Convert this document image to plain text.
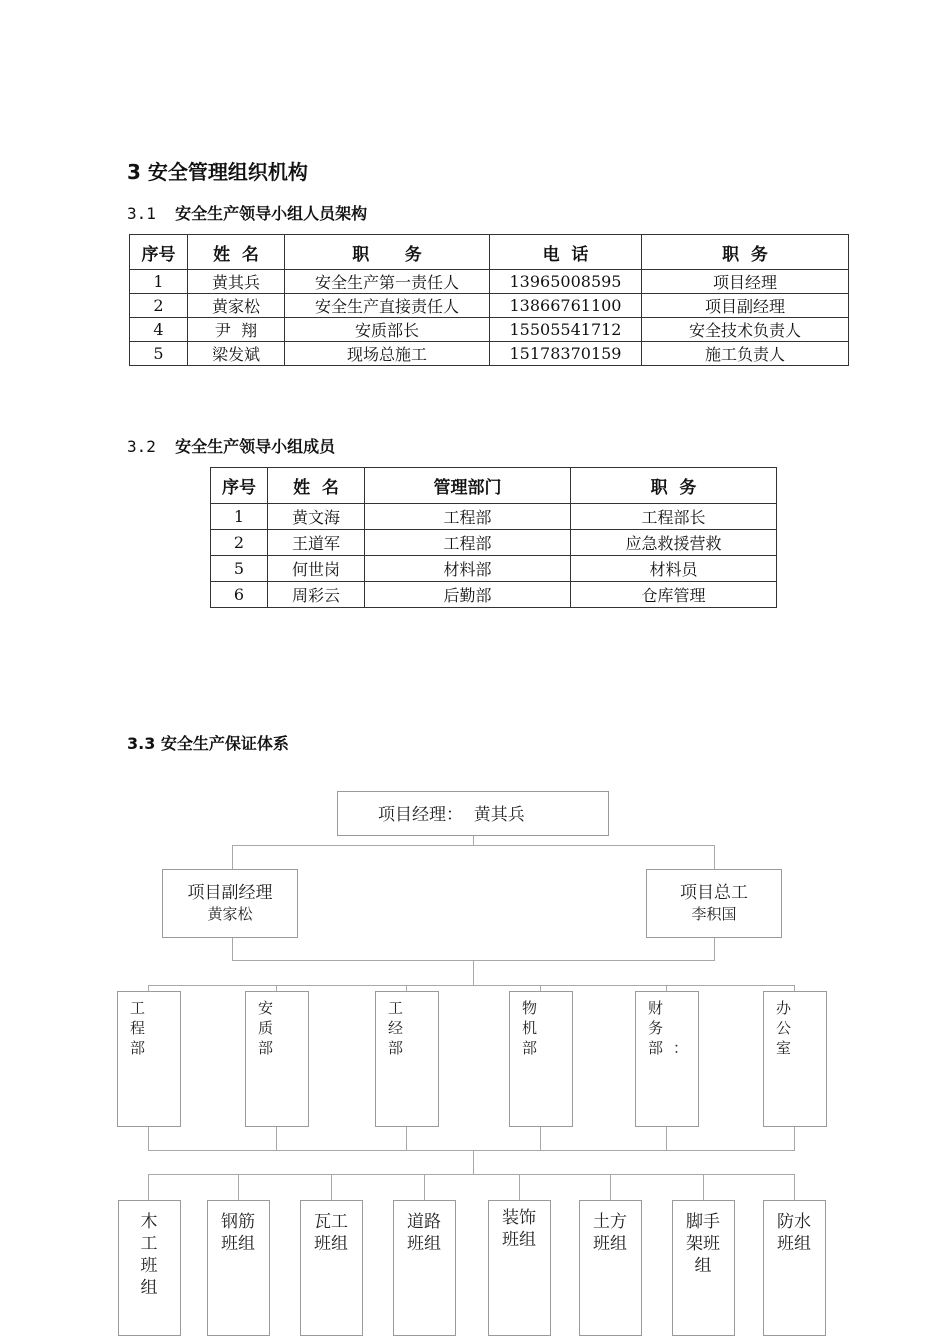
3 安全管理组织机构

3.1 安全生产领导小组人员架构

序号	姓  名	职      务	电  话	职  务
1	黄其兵	安全生产第一责任人	13965008595	项目经理
2	黄家松	安全生产直接责任人	13866761100	项目副经理
4	尹  翔	安质部长	15505541712	安全技术负责人
5	梁发斌	现场总施工	15178370159	施工负责人

3.2 安全生产领导小组成员

序号	姓  名	管理部门	职  务
1	黄文海	工程部	工程部长
2	王道军	工程部	应急救援营救
5	何世岗	材料部	材料员
6	周彩云	后勤部	仓库管理

3.3 安全生产保证体系

项目经理：  黄其兵
项目副经理
黄家松
项目总工
李积国
工程部
安质部
工经部
物机部
财务部：
办公室
木工班组
钢筋班组
瓦工班组
道路班组
装饰班组
土方班组
脚手架班组
防水班组
